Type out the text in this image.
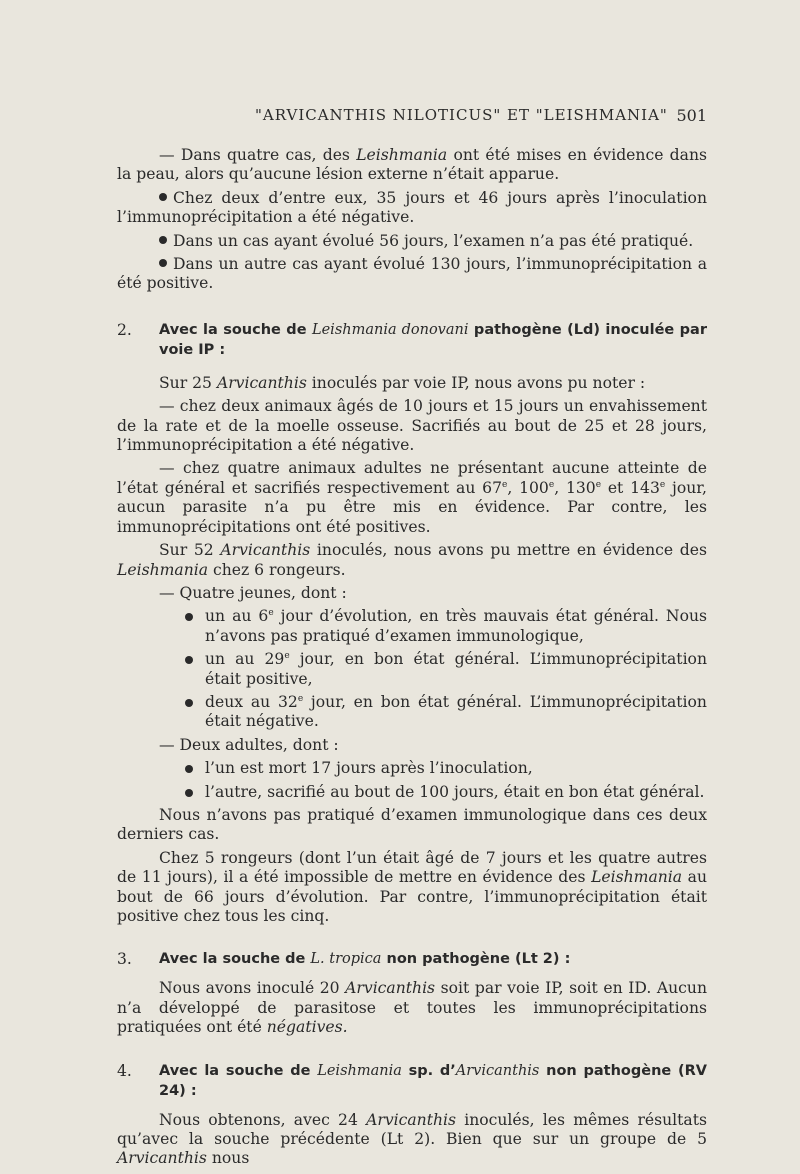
"ARVICANTHIS NILOTICUS" ET "LEISHMANIA" 501

— Dans quatre cas, des Leishmania ont été mises en évidence dans la peau, alors qu’aucune lésion externe n’était apparue.

Chez deux d’entre eux, 35 jours et 46 jours après l’inoculation l’immunoprécipitation a été négative.

Dans un cas ayant évolué 56 jours, l’examen n’a pas été pratiqué.

Dans un autre cas ayant évolué 130 jours, l’immunoprécipitation a été positive.

2. Avec la souche de Leishmania donovani pathogène (Ld) inoculée par voie IP :

Sur 25 Arvicanthis inoculés par voie IP, nous avons pu noter :

— chez deux animaux âgés de 10 jours et 15 jours un envahissement de la rate et de la moelle osseuse. Sacrifiés au bout de 25 et 28 jours, l’immunoprécipitation a été négative.

— chez quatre animaux adultes ne présentant aucune atteinte de l’état général et sacrifiés respectivement au 67e, 100e, 130e et 143e jour, aucun parasite n’a pu être mis en évidence. Par contre, les immunoprécipitations ont été positives.

Sur 52 Arvicanthis inoculés, nous avons pu mettre en évidence des Leishmania chez 6 rongeurs.

— Quatre jeunes, dont :

un au 6e jour d’évolution, en très mauvais état général. Nous n’avons pas pratiqué d’examen immunologique,

un au 29e jour, en bon état général. L’immunoprécipitation était positive,

deux au 32e jour, en bon état général. L’immunoprécipitation était négative.

— Deux adultes, dont :

l’un est mort 17 jours après l’inoculation,

l’autre, sacrifié au bout de 100 jours, était en bon état général.

Nous n’avons pas pratiqué d’examen immunologique dans ces deux derniers cas.

Chez 5 rongeurs (dont l’un était âgé de 7 jours et les quatre autres de 11 jours), il a été impossible de mettre en évidence des Leishmania au bout de 66 jours d’évolution. Par contre, l’immunoprécipitation était positive chez tous les cinq.

3. Avec la souche de L. tropica non pathogène (Lt 2) :

Nous avons inoculé 20 Arvicanthis soit par voie IP, soit en ID. Aucun n’a développé de parasitose et toutes les immunoprécipitations pratiquées ont été négatives.

4. Avec la souche de Leishmania sp. d’Arvicanthis non pathogène (RV 24) :

Nous obtenons, avec 24 Arvicanthis inoculés, les mêmes résultats qu’avec la souche précédente (Lt 2). Bien que sur un groupe de 5 Arvicanthis nous
